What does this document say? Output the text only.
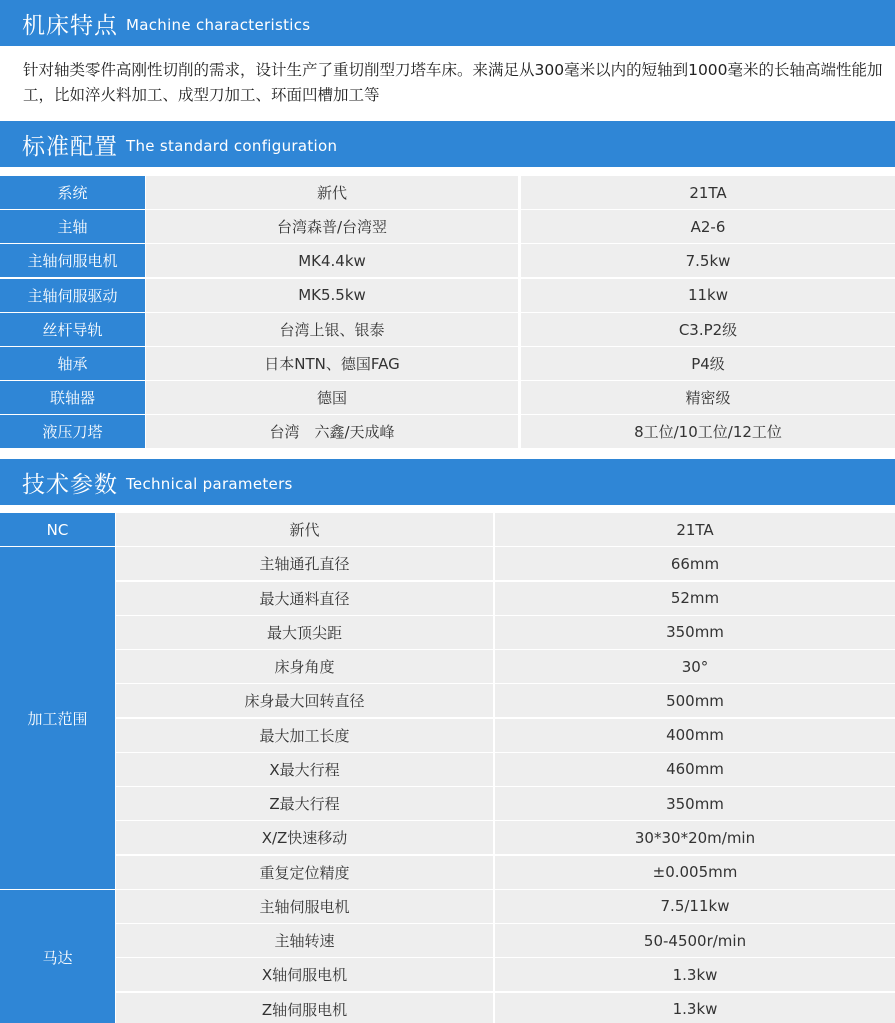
机床特点 Machine characteristics

针对轴类零件高刚性切削的需求，设计生产了重切削型刀塔车床。来满足从300毫米以内的短轴到1000毫米的长轴高端性能加工，比如淬火料加工、成型刀加工、环面凹槽加工等

标准配置 The standard configuration
系统	新代	21TA
主轴	台湾森普/台湾翌	A2-6
主轴伺服电机	MK4.4kw	7.5kw
主轴伺服驱动	MK5.5kw	11kw
丝杆导轨	台湾上银、银泰	C3.P2级
轴承	日本NTN、德国FAG	P4级
联轴器	德国	精密级
液压刀塔	台湾　六鑫/天成峰	8工位/10工位/12工位
技术参数 Technical parameters
NC	新代	21TA
加工范围
主轴通孔直径	66mm
最大通料直径	52mm
最大顶尖距	350mm
床身角度	30°
床身最大回转直径	500mm
最大加工长度	400mm
X最大行程	460mm
Z最大行程	350mm
X/Z快速移动	30*30*20m/min
重复定位精度	±0.005mm
马达
主轴伺服电机	7.5/11kw
主轴转速	50-4500r/min
X轴伺服电机	1.3kw
Z轴伺服电机	1.3kw
